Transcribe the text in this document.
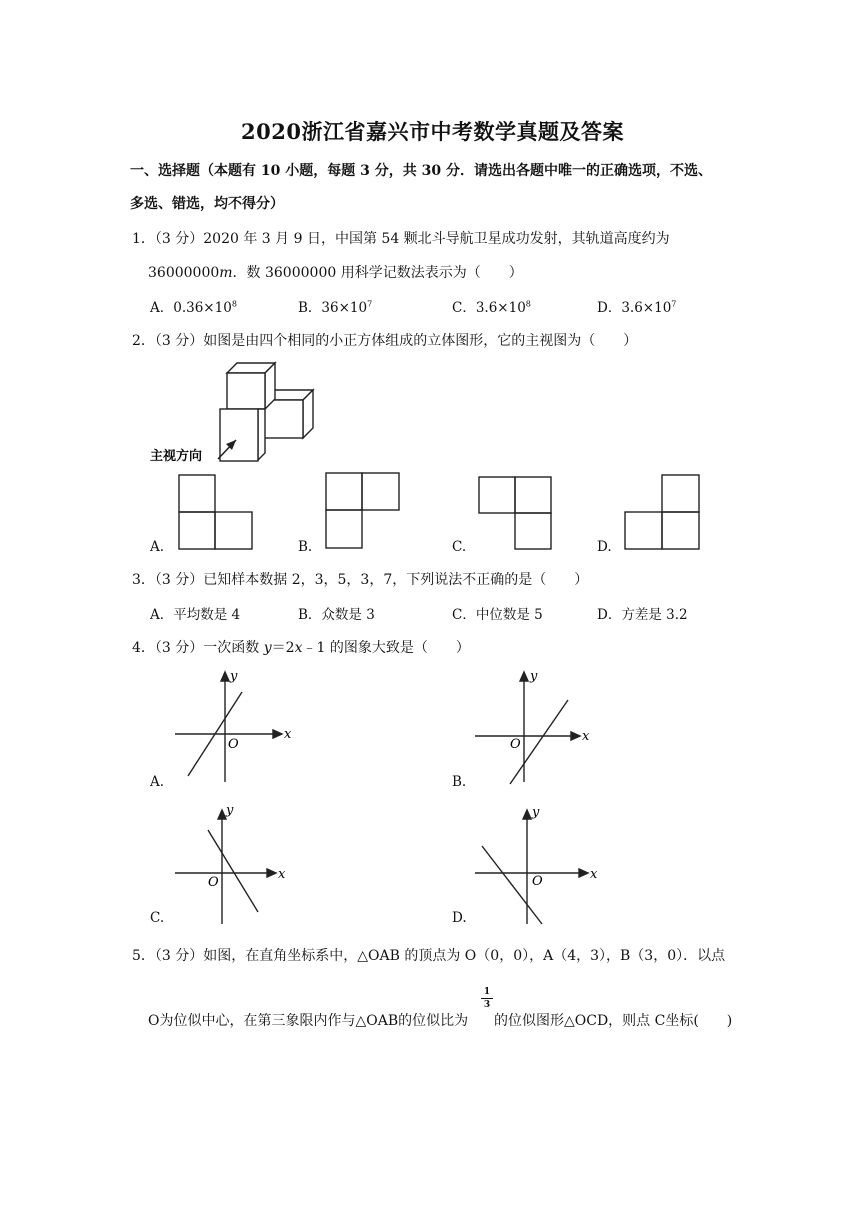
2020浙江省嘉兴市中考数学真题及答案
一、选择题（本题有 10 小题，每题 3 分，共 30 分．请选出各题中唯一的正确选项，不选、
多选、错选，均不得分）
1．（3 分）2020 年 3 月 9 日，中国第 54 颗北斗导航卫星成功发射，其轨道高度约为
36000000m．数 36000000 用科学记数法表示为（　　）
A．$0.36\times 10^8$	B．$36\times 10^7$	C．$3.6\times 10^8$	D．$3.6\times 10^7$
2．（3 分）如图是由四个相同的小正方体组成的立体图形，它的主视图为（　　）
主视方向
A.	B.	C.	D.
3．（3 分）已知样本数据 2，3，5，3，7，下列说法不正确的是（　　）
A．平均数是 4	B．众数是 3	C．中位数是 5	D．方差是 3.2
4．（3 分）一次函数 y＝2x﹣1 的图象大致是（　　）
x
y
O
A.
x
y
O
B.
x
y
O
C.
x
y
O
D.
5．（3 分）如图，在直角坐标系中，△OAB 的顶点为 O（0，0），A（4，3），B（3，0）．以点
O为位似中心，在第三象限内作与△OAB的位似比为
1
3
的位似图形△OCD，则点 C坐标(　　)
